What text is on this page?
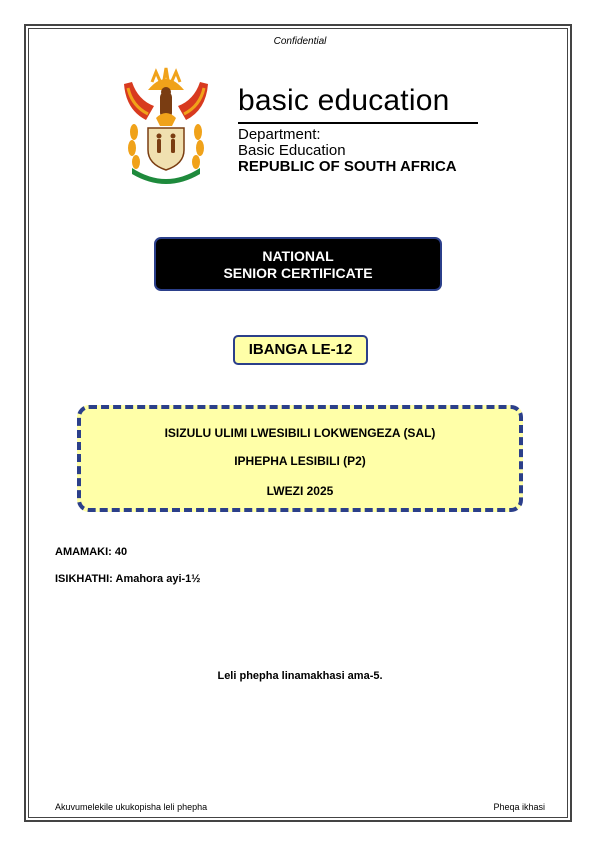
Confidential
basic education
Department:
Basic Education
REPUBLIC OF SOUTH AFRICA
NATIONAL
SENIOR CERTIFICATE
IBANGA LE-12
ISIZULU ULIMI LWESIBILI LOKWENGEZA (SAL)
IPHEPHA LESIBILI (P2)
LWEZI 2025
AMAMAKI: 40
ISIKHATHI: Amahora ayi-1½
Leli phepha linamakhasi ama-5.
Akuvumelekile ukukopisha leli phepha	Pheqa ikhasi
